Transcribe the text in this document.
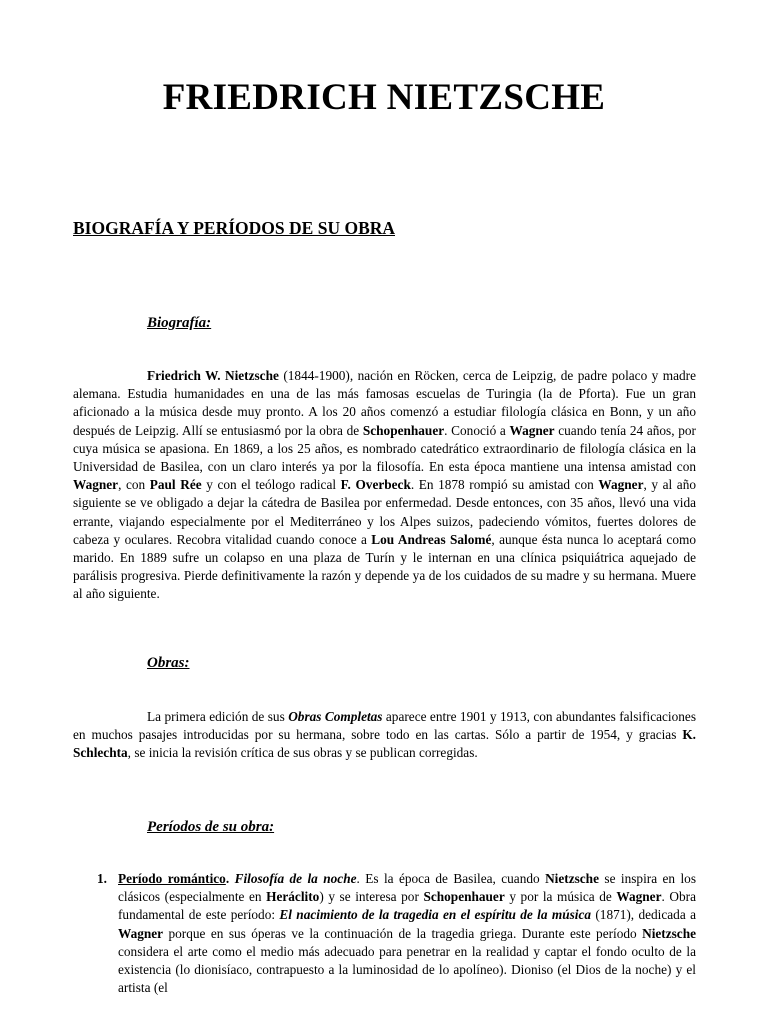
FRIEDRICH NIETZSCHE
BIOGRAFÍA Y PERÍODOS DE SU OBRA
Biografía:

Friedrich W. Nietzsche (1844-1900), nación en Röcken, cerca de Leipzig, de padre polaco y madre alemana. Estudia humanidades en una de las más famosas escuelas de Turingia (la de Pforta). Fue un gran aficionado a la música desde muy pronto. A los 20 años comenzó a estudiar filología clásica en Bonn, y un año después de Leipzig. Allí se entusiasmó por la obra de Schopenhauer. Conoció a Wagner cuando tenía 24 años, por cuya música se apasiona. En 1869, a los 25 años, es nombrado catedrático extraordinario de filología clásica en la Universidad de Basilea, con un claro interés ya por la filosofía. En esta época mantiene una intensa amistad con Wagner, con Paul Rée y con el teólogo radical F. Overbeck. En 1878 rompió su amistad con Wagner, y al año siguiente se ve obligado a dejar la cátedra de Basilea por enfermedad. Desde entonces, con 35 años, llevó una vida errante, viajando especialmente por el Mediterráneo y los Alpes suizos, padeciendo vómitos, fuertes dolores de cabeza y oculares. Recobra vitalidad cuando conoce a Lou Andreas Salomé, aunque ésta nunca lo aceptará como marido. En 1889 sufre un colapso en una plaza de Turín y le internan en una clínica psiquiátrica aquejado de parálisis progresiva. Pierde definitivamente la razón y depende ya de los cuidados de su madre y su hermana. Muere al año siguiente.

Obras:

La primera edición de sus Obras Completas aparece entre 1901 y 1913, con abundantes falsificaciones en muchos pasajes introducidas por su hermana, sobre todo en las cartas. Sólo a partir de 1954, y gracias K. Schlechta, se inicia la revisión crítica de sus obras y se publican corregidas.

Períodos de su obra:
1. Período romántico. Filosofía de la noche. Es la época de Basilea, cuando Nietzsche se inspira en los clásicos (especialmente en Heráclito) y se interesa por Schopenhauer y por la música de Wagner. Obra fundamental de este período: El nacimiento de la tragedia en el espíritu de la música (1871), dedicada a Wagner porque en sus óperas ve la continuación de la tragedia griega. Durante este período Nietzsche considera el arte como el medio más adecuado para penetrar en la realidad y captar el fondo oculto de la existencia (lo dionisíaco, contrapuesto a la luminosidad de lo apolíneo). Dioniso (el Dios de la noche) y el artista (el
